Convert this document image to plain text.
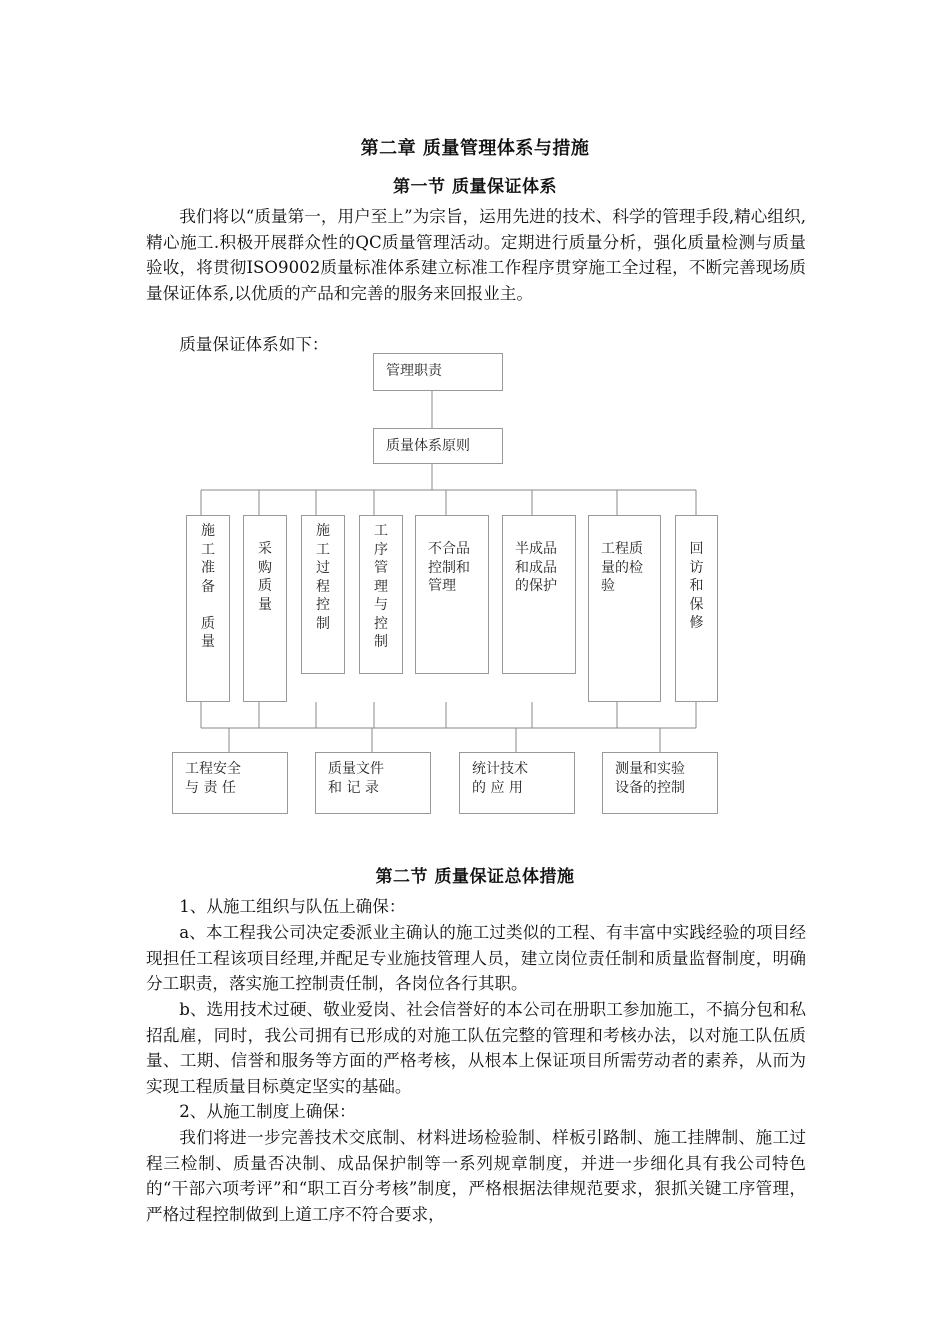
第二章 质量管理体系与措施
第一节 质量保证体系

我们将以“质量第一，用户至上”为宗旨，运用先进的技术、科学的管理手段,精心组织,精心施工.积极开展群众性的QC质量管理活动。定期进行质量分析，强化质量检测与质量验收，将贯彻ISO9002质量标准体系建立标准工作程序贯穿施工全过程，不断完善现场质量保证体系,以优质的产品和完善的服务来回报业主。

质量保证体系如下：

管理职责
质量体系原则
施
工
准
备

质
量
采
购
质
量
施
工
过
程
控
制
工
序
管
理
与
控
制
不合品
控制和
管理
半成品
和成品
的保护
工程质
量的检
验
回
访
和
保
修
工程安全
与 责 任
质量文件
和 记 录
统计技术
的 应 用
测量和实验
设备的控制
第二节 质量保证总体措施

1、从施工组织与队伍上确保：

a、本工程我公司决定委派业主确认的施工过类似的工程、有丰富中实践经验的项目经现担任工程该项目经理,并配足专业施技管理人员，建立岗位责任制和质量监督制度，明确分工职责，落实施工控制责任制，各岗位各行其职。

b、选用技术过硬、敬业爱岗、社会信誉好的本公司在册职工参加施工，不搞分包和私招乱雇，同时，我公司拥有已形成的对施工队伍完整的管理和考核办法，以对施工队伍质量、工期、信誉和服务等方面的严格考核，从根本上保证项目所需劳动者的素养，从而为实现工程质量目标奠定坚实的基础。

2、从施工制度上确保：

我们将进一步完善技术交底制、材料进场检验制、样板引路制、施工挂牌制、施工过程三检制、质量否决制、成品保护制等一系列规章制度，并进一步细化具有我公司特色的“干部六项考评”和“职工百分考核”制度，严格根据法律规范要求，狠抓关键工序管理，严格过程控制做到上道工序不符合要求，
